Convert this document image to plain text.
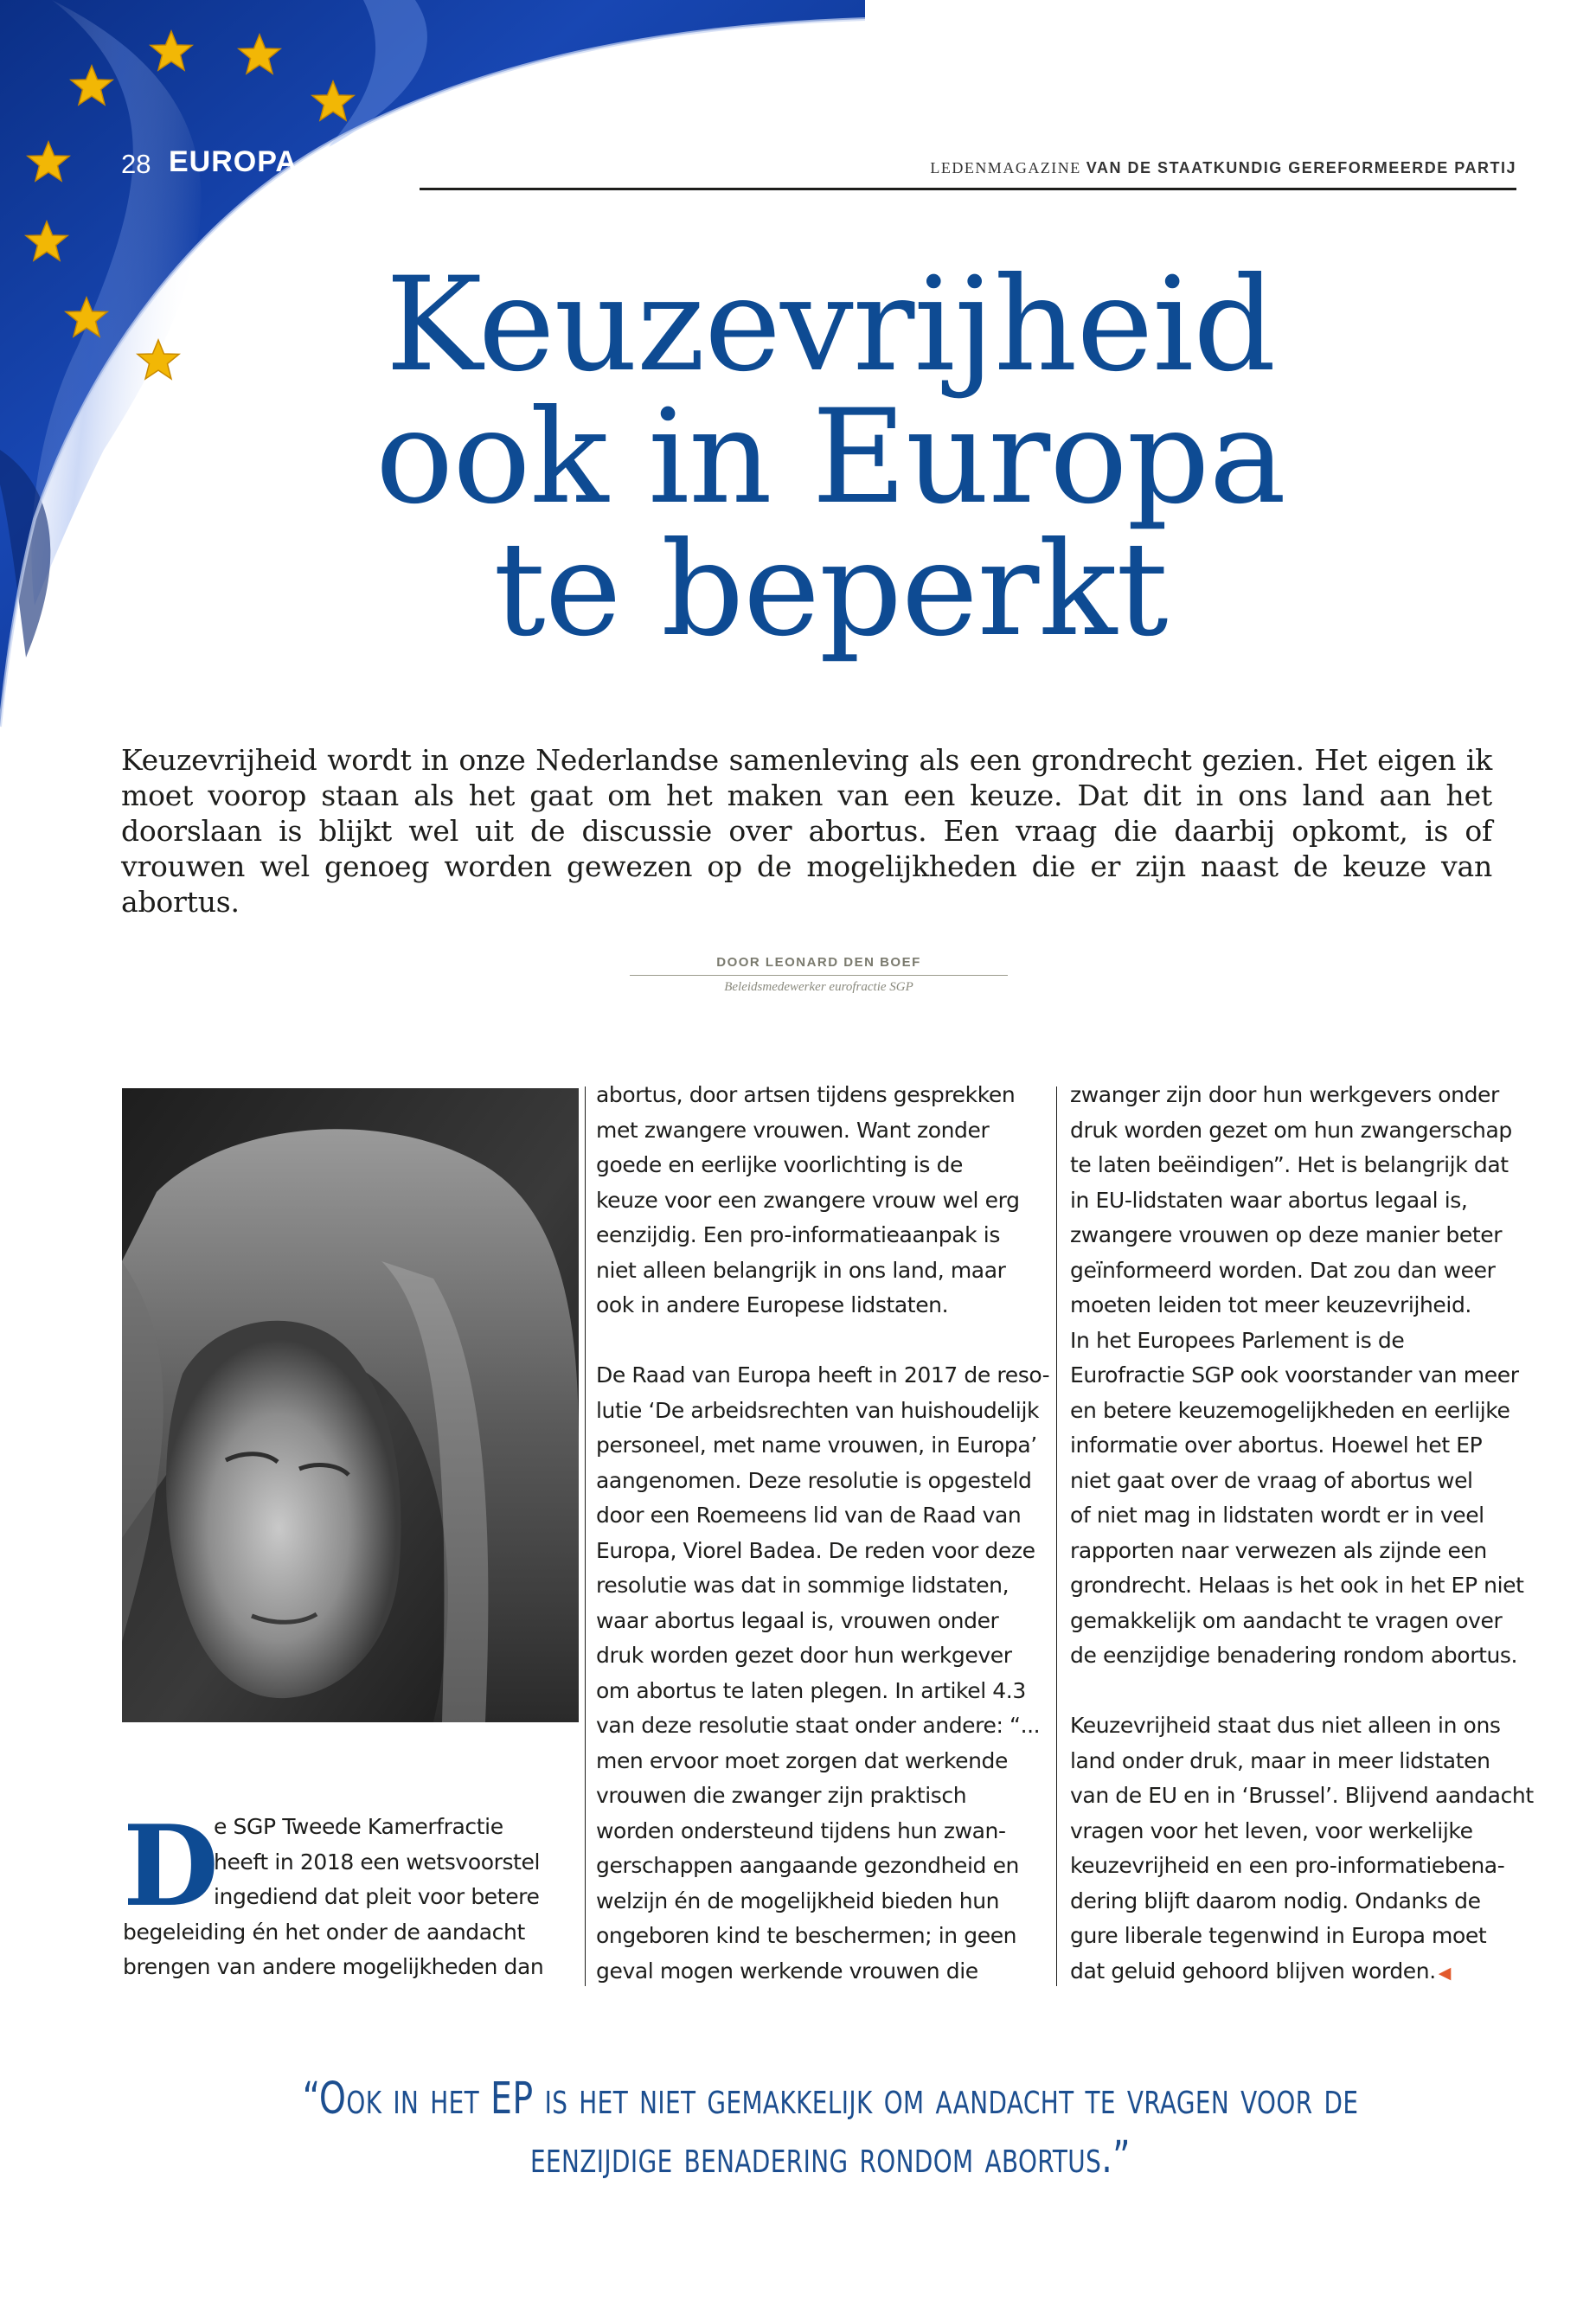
28 EUROPA	LEDENMAGAZINE VAN DE STAATKUNDIG GEREFORMEERDE PARTIJ
Keuzevrijheid
ook in Europa
te beperkt

Keuzevrijheid wordt in onze Nederlandse samenleving als een grondrecht gezien. Het eigen ik moet voorop staan als het gaat om het maken van een keuze. Dat dit in ons land aan het doorslaan is blijkt wel uit de discussie over abortus. Een vraag die daarbij opkomt, is of vrouwen wel genoeg worden gewezen op de mogelijkheden die er zijn naast de keuze van abortus.

DOOR LEONARD DEN BOEF
Beleidsmedewerker eurofractie SGP
D

e SGP Tweede Kamerfractie

heeft in 2018 een wetsvoorstel

ingediend dat pleit voor betere

begeleiding én het onder de aandacht

brengen van andere mogelijkheden dan

abortus, door artsen tijdens gesprekken

met zwangere vrouwen. Want zonder

goede en eerlijke voorlichting is de

keuze voor een zwangere vrouw wel erg

eenzijdig. Een pro-informatieaanpak is

niet alleen belangrijk in ons land, maar

ook in andere Europese lidstaten.

De Raad van Europa heeft in 2017 de reso-

lutie ‘De arbeidsrechten van huishoudelijk

personeel, met name vrouwen, in Europa’

aangenomen. Deze resolutie is opgesteld

door een Roemeens lid van de Raad van

Europa, Viorel Badea. De reden voor deze

resolutie was dat in sommige lidstaten,

waar abortus legaal is, vrouwen onder

druk worden gezet door hun werkgever

om abortus te laten plegen. In artikel 4.3

van deze resolutie staat onder andere: “...

men ervoor moet zorgen dat werkende

vrouwen die zwanger zijn praktisch

worden ondersteund tijdens hun zwan-

gerschappen aangaande gezondheid en

welzijn én de mogelijkheid bieden hun

ongeboren kind te beschermen; in geen

geval mogen werkende vrouwen die

zwanger zijn door hun werkgevers onder

druk worden gezet om hun zwangerschap

te laten beëindigen”. Het is belangrijk dat

in EU-lidstaten waar abortus legaal is,

zwangere vrouwen op deze manier beter

geïnformeerd worden. Dat zou dan weer

moeten leiden tot meer keuzevrijheid.

In het Europees Parlement is de

Eurofractie SGP ook voorstander van meer

en betere keuzemogelijkheden en eerlijke

informatie over abortus. Hoewel het EP

niet gaat over de vraag of abortus wel

of niet mag in lidstaten wordt er in veel

rapporten naar verwezen als zijnde een

grondrecht. Helaas is het ook in het EP niet

gemakkelijk om aandacht te vragen over

de eenzijdige benadering rondom abortus.

Keuzevrijheid staat dus niet alleen in ons

land onder druk, maar in meer lidstaten

van de EU en in ‘Brussel’. Blijvend aandacht

vragen voor het leven, voor werkelijke

keuzevrijheid en een pro-informatiebena-

dering blijft daarom nodig. Ondanks de

gure liberale tegenwind in Europa moet

dat geluid gehoord blijven worden. ◀

“Ook in het EP is het niet gemakkelijk om aandacht te vragen voor de
eenzijdige benadering rondom abortus.”
